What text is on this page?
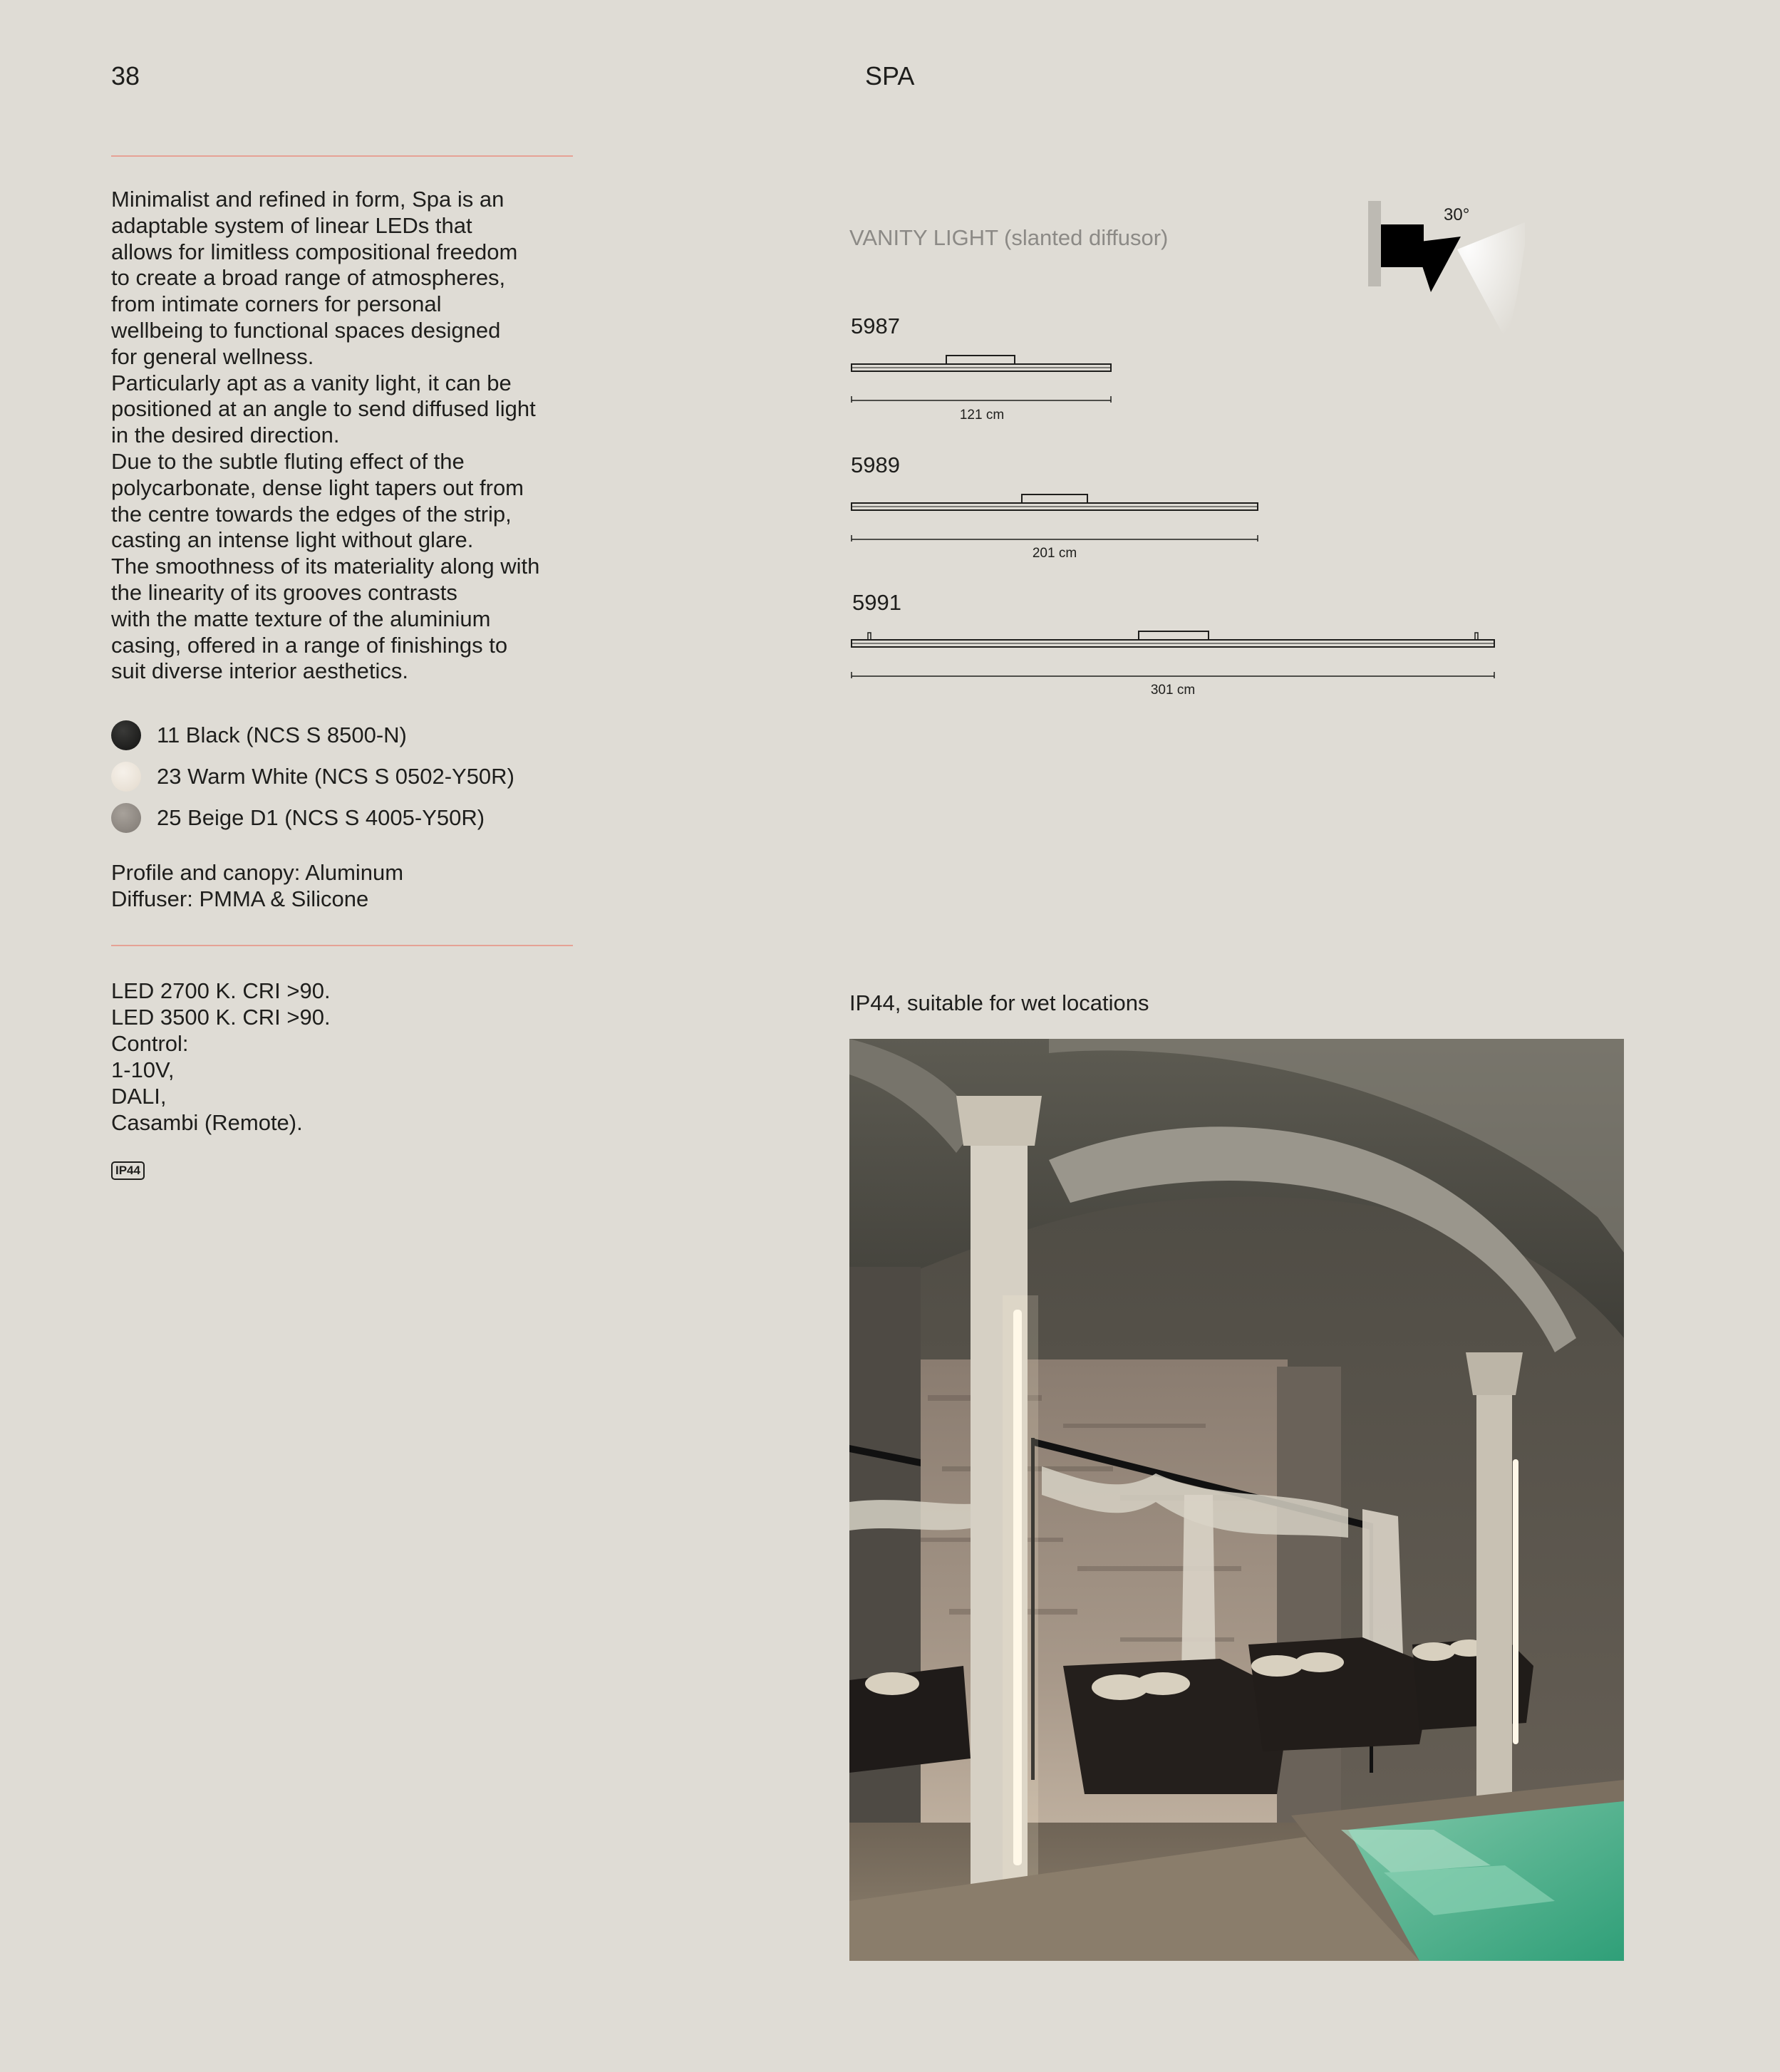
38	SPA

Minimalist and refined in form, Spa is an
adaptable system of linear LEDs that
allows for limitless compositional freedom
to create a broad range of atmospheres,
from intimate corners for personal
wellbeing to functional spaces designed
for general wellness.

Particularly apt as a vanity light, it can be
positioned at an angle to send diffused light
in the desired direction.

Due to the subtle fluting effect of the
polycarbonate, dense light tapers out from
the centre towards the edges of the strip,
casting an intense light without glare.

The smoothness of its materiality along with
the linearity of its grooves contrasts
with the matte texture of the aluminium
casing, offered in a range of finishings to
suit diverse interior aesthetics.

11 Black (NCS S 8500-N)
23 Warm White (NCS S 0502-Y50R)
25 Beige D1 (NCS S 4005-Y50R)
Profile and canopy: Aluminum
Diffuser: PMMA & Silicone
LED 2700 K. CRI >90.
LED 3500 K. CRI >90.
Control:
1-10V,
DALI,
Casambi (Remote).
IP44
VANITY LIGHT (slanted diffusor)
30°
5987
121 cm
5989
201 cm
5991
301 cm
IP44, suitable for wet locations
